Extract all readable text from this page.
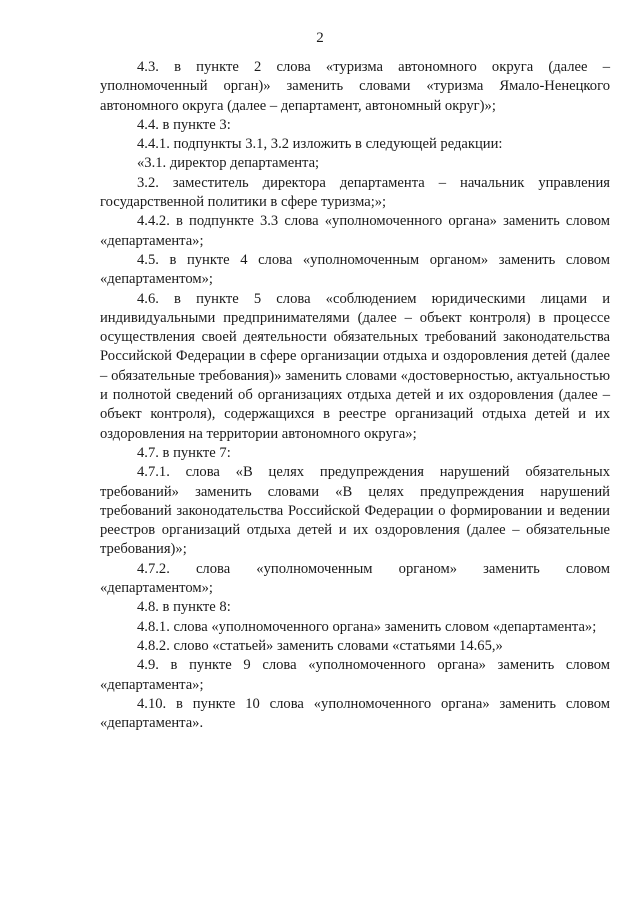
2

4.3. в пункте 2 слова «туризма автономного округа (далее – уполномоченный орган)» заменить словами «туризма Ямало-Ненецкого автономного округа (далее – департамент, автономный округ)»;

4.4. в пункте 3:

4.4.1. подпункты 3.1, 3.2 изложить в следующей редакции:

«3.1. директор департамента;

3.2. заместитель директора департамента – начальник управления государственной политики в сфере туризма;»;

4.4.2. в подпункте 3.3 слова «уполномоченного органа» заменить словом «департамента»;

4.5. в пункте 4 слова «уполномоченным органом» заменить словом «департаментом»;

4.6. в пункте 5 слова «соблюдением юридическими лицами и индивидуальными предпринимателями (далее – объект контроля) в процессе осуществления своей деятельности обязательных требований законодательства Российской Федерации в сфере организации отдыха и оздоровления детей (далее – обязательные требования)» заменить словами «достоверностью, актуальностью и полнотой сведений об организациях отдыха детей и их оздоровления (далее – объект контроля), содержащихся в реестре организаций отдыха детей и их оздоровления на территории автономного округа»;

4.7. в пункте 7:

4.7.1. слова «В целях предупреждения нарушений обязательных требований» заменить словами «В целях предупреждения нарушений требований законодательства Российской Федерации о формировании и ведении реестров организаций отдыха детей и их оздоровления (далее – обязательные требования)»;

4.7.2. слова «уполномоченным органом» заменить словом «департаментом»;

4.8. в пункте 8:

4.8.1. слова «уполномоченного органа» заменить словом «департамента»;

4.8.2. слово «статьей» заменить словами «статьями 14.65,»

4.9. в пункте 9 слова «уполномоченного органа» заменить словом «департамента»;

4.10. в пункте 10 слова «уполномоченного органа» заменить словом «департамента».
